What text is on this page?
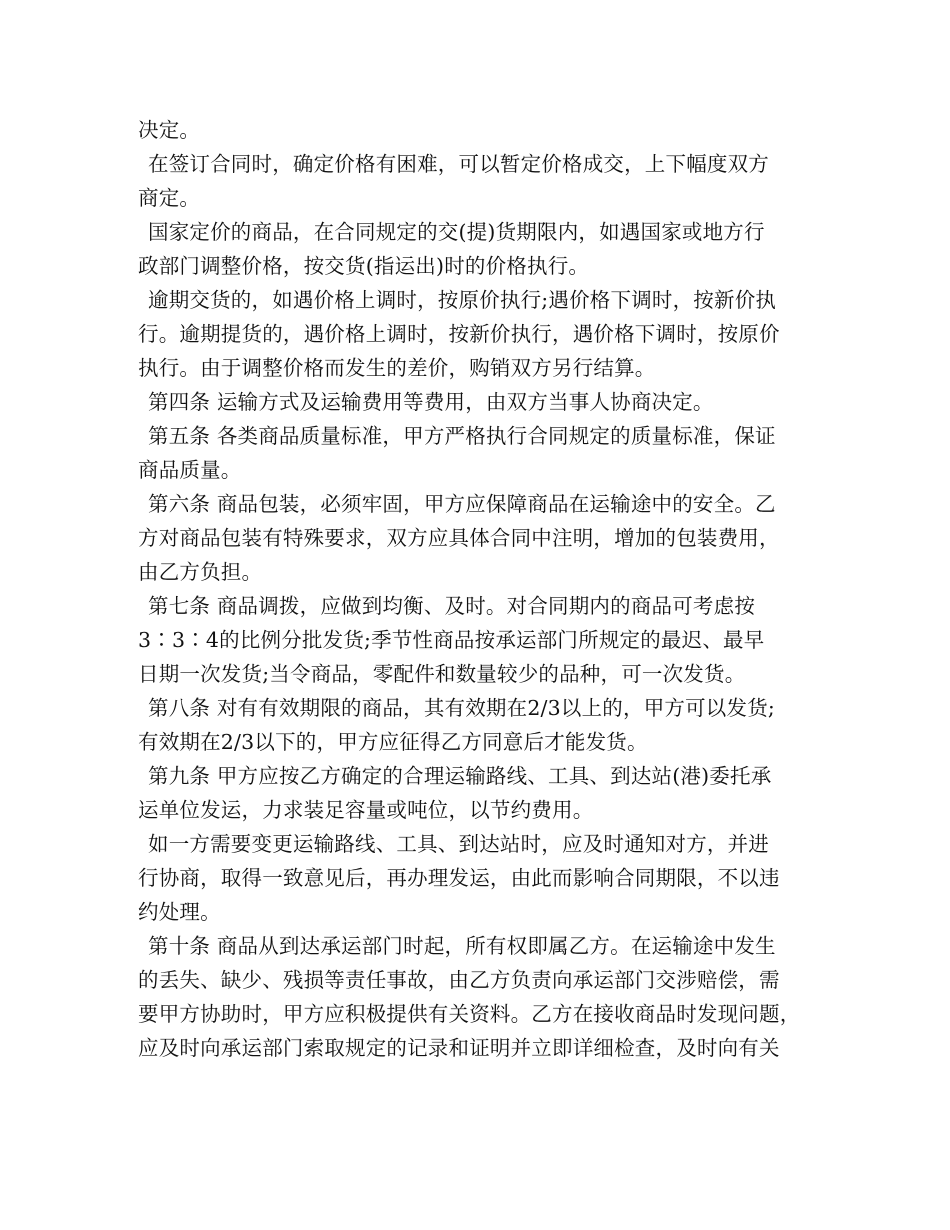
决定。
在签订合同时，确定价格有困难，可以暂定价格成交，上下幅度双方
商定。
国家定价的商品，在合同规定的交(提)货期限内，如遇国家或地方行
政部门调整价格，按交货(指运出)时的价格执行。
逾期交货的，如遇价格上调时，按原价执行;遇价格下调时，按新价执
行。逾期提货的，遇价格上调时，按新价执行，遇价格下调时，按原价
执行。由于调整价格而发生的差价，购销双方另行结算。
第四条 运输方式及运输费用等费用，由双方当事人协商决定。
第五条 各类商品质量标准，甲方严格执行合同规定的质量标准，保证
商品质量。
第六条 商品包装，必须牢固，甲方应保障商品在运输途中的安全。乙
方对商品包装有特殊要求，双方应具体合同中注明，增加的包装费用，
由乙方负担。
第七条 商品调拨，应做到均衡、及时。对合同期内的商品可考虑按
3∶3∶4的比例分批发货;季节性商品按承运部门所规定的最迟、最早
日期一次发货;当令商品，零配件和数量较少的品种，可一次发货。
第八条 对有有效期限的商品，其有效期在2/3以上的，甲方可以发货;
有效期在2/3以下的，甲方应征得乙方同意后才能发货。
第九条 甲方应按乙方确定的合理运输路线、工具、到达站(港)委托承
运单位发运，力求装足容量或吨位，以节约费用。
如一方需要变更运输路线、工具、到达站时，应及时通知对方，并进
行协商，取得一致意见后，再办理发运，由此而影响合同期限，不以违
约处理。
第十条 商品从到达承运部门时起，所有权即属乙方。在运输途中发生
的丢失、缺少、残损等责任事故，由乙方负责向承运部门交涉赔偿，需
要甲方协助时，甲方应积极提供有关资料。乙方在接收商品时发现问题，
应及时向承运部门索取规定的记录和证明并立即详细检查，及时向有关
